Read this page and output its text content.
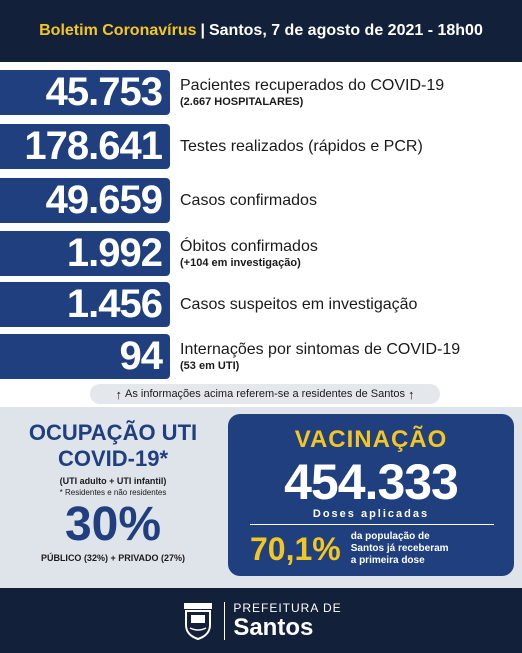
Boletim Coronavírus | Santos, 7 de agosto de 2021 - 18h00
45.753	Pacientes recuperados do COVID-19
(2.667 HOSPITALARES)
178.641	Testes realizados (rápidos e PCR)
49.659	Casos confirmados
1.992	Óbitos confirmados
(+104 em investigação)
1.456	Casos suspeitos em investigação
94	Internações por sintomas de COVID-19
(53 em UTI)
↑ As informações acima referem-se a residentes de Santos ↑
OCUPAÇÃO UTI
COVID-19*
(UTI adulto + UTI infantil)
* Residentes e não residentes
30%
PÚBLICO (32%) + PRIVADO (27%)
VACINAÇÃO
454.333
Doses aplicadas
70,1% da população de
Santos já receberam
a primeira dose
PREFEITURA DE
Santos
